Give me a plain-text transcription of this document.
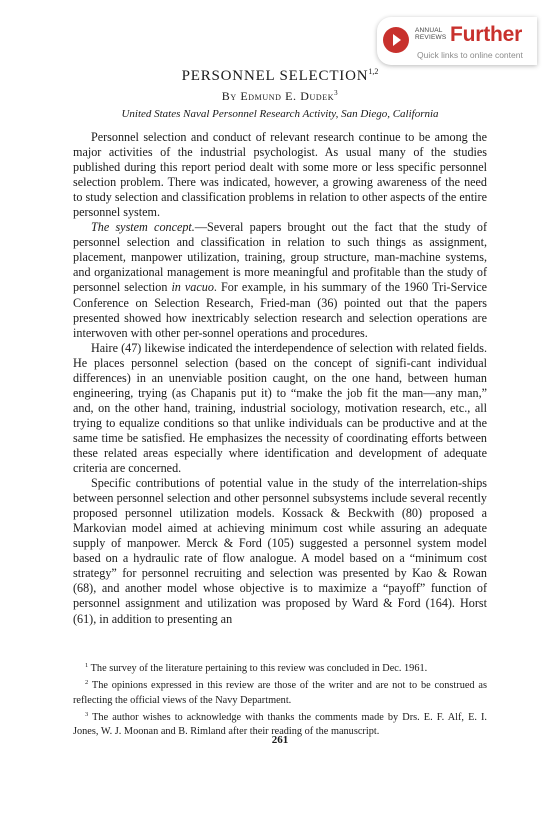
ANNUAL REVIEWS Further
Quick links to online content
PERSONNEL SELECTION$^{1,2}$
By Edmund E. Dudek$^3$
United States Naval Personnel Research Activity, San Diego, California

Personnel selection and conduct of relevant research continue to be among the major activities of the industrial psychologist. As usual many of the studies published during this report period dealt with some more or less specific personnel selection problem. There was indicated, however, a growing awareness of the need to study selection and classification problems in relation to other aspects of the entire personnel system.

The system concept.—Several papers brought out the fact that the study of personnel selection and classification in relation to such things as assignment, placement, manpower utilization, training, group structure, man-machine systems, and organizational management is more meaningful and profitable than the study of personnel selection in vacuo. For example, in his summary of the 1960 Tri-Service Conference on Selection Research, Fried-man (36) pointed out that the papers presented showed how inextricably selection research and selection operations are interwoven with other per-sonnel operations and procedures.

Haire (47) likewise indicated the interdependence of selection with related fields. He places personnel selection (based on the concept of signifi-cant individual differences) in an unenviable position caught, on the one hand, between human engineering, trying (as Chapanis put it) to “make the job fit the man—any man,” and, on the other hand, training, industrial sociology, motivation research, etc., all trying to equalize conditions so that unlike individuals can be productive and at the same time be satisfied. He emphasizes the necessity of coordinating efforts between these related areas especially where identification and development of adequate criteria are concerned.

Specific contributions of potential value in the study of the interrelation-ships between personnel selection and other personnel subsystems include several recently proposed personnel utilization models. Kossack & Beckwith (80) proposed a Markovian model aimed at achieving minimum cost while assuring an adequate supply of manpower. Merck & Ford (105) suggested a personnel system model based on a hydraulic rate of flow analogue. A model based on a “minimum cost strategy” for personnel recruiting and selection was presented by Kao & Rowan (68), and another model whose objective is to maximize a “payoff” function of personnel assignment and utilization was proposed by Ward & Ford (164). Horst (61), in addition to presenting an

$^1$ The survey of the literature pertaining to this review was concluded in Dec. 1961.

$^2$ The opinions expressed in this review are those of the writer and are not to be construed as reflecting the official views of the Navy Department.

$^3$ The author wishes to acknowledge with thanks the comments made by Drs. E. F. Alf, E. I. Jones, W. J. Moonan and B. Rimland after their reading of the manuscript.

261
